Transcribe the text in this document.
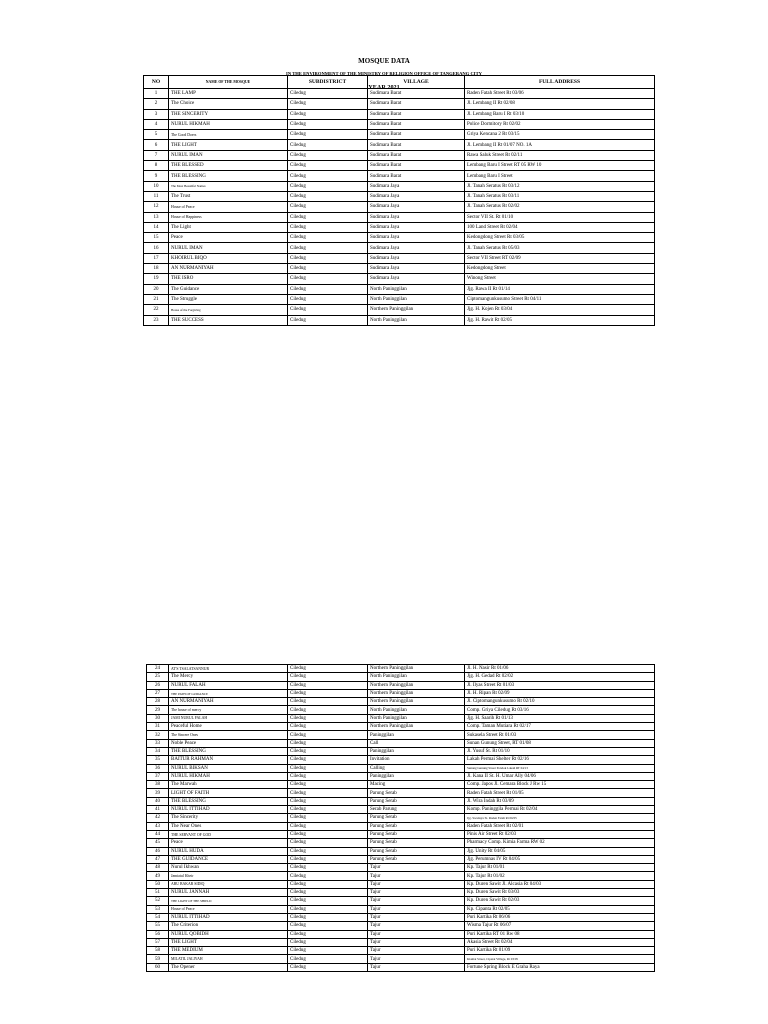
MOSQUE DATA
IN THE ENVIRONMENT OF THE MINISTRY OF RELIGION OFFICE OF TANGERANG CITY
YEAR 2021
NO	NAME OF THE MOSQUE	SUBDISTRICT	VILLAGE	FULL ADDRESS
1	THE LAMP	Ciledug	Sudimara Barat	Raden Fatah Street Rt 03/06
2	The Choice	Ciledug	Sudimara Barat	Jl. Lembang II Rt 02/08
3	THE SINCERITY	Ciledug	Sudimara Barat	Jl. Lembang Baru I Rt 03/10
4	NURUL HIKMAH	Ciledug	Sudimara Barat	Police Dormitory Rt 02/02
5	The Good Doers	Ciledug	Sudimara Barat	Griya Kencana 2 Rt 03/15
6	THE LIGHT	Ciledug	Sudimara Barat	Jl. Lembang II Rt 01/07 NO. 1A
7	NURUL IMAN	Ciledug	Sudimara Barat	Rawa Saluk Street Rt 02/11
8	THE BLESSED	Ciledug	Sudimara Barat	Lembang Baru I Street RT 05 RW 10
9	THE BLESSING	Ciledug	Sudimara Barat	Lembang Baru I Street
10	The Most Beautiful Names	Ciledug	Sudimara Jaya	Jl. Tanah Seratus Rt 03/12
11	The Trust	Ciledug	Sudimara Jaya	Jl. Tanah Seratus Rt 03/11
12	House of Peace	Ciledug	Sudimara Jaya	Jl. Tanah Seratus Rt 02/02
13	House of Happiness	Ciledug	Sudimara Jaya	Sector VII St. Rt 01/10
14	The Light	Ciledug	Sudimara Jaya	100 Land Street Rt 02/04
15	Peace	Ciledug	Sudimara Jaya	Kedongdong Street Rt 03/05
16	NURUL IMAN	Ciledug	Sudimara Jaya	Jl. Tanah Seratus Rt 05/03
17	KHOIRUL BIQO	Ciledug	Sudimara Jaya	Sector VII Street RT 02/09
18	AN NURMANIYAH	Ciledug	Sudimara Jaya	Kedongdong Street
19	THE ISRO	Ciledug	Sudimara Jaya	Winong Street
20	The Guidance	Ciledug	North Paninggilan	Jjg. Rawa II Rt 01/14
21	The Struggle	Ciledug	North Paninggilan	Ciptomangunkusumo Street Rt 04/11
22	House of the Forgiving	Ciledug	Northern Paninggilan	Jjg. H. Kojen Rt 03/04
23	THE SUCCESS	Ciledug	North Paninggilan	Jjg. H. Rawit Rt 02/05
24	AT'S TSALATSANNUR	Ciledug	Northern Paninggilan	Jl. H. Nasir Rt 01/06
25	The Mercy	Ciledug	North Paninggilan	Jjg. H. Gedad Rt 02/02
26	NURUL FALAH	Ciledug	Northern Paninggilan	Jl. Ilyas Street Rt 01/03
27	THE PATH OF GUIDANCE	Ciledug	Northern Paninggilan	Jl. H. Ripan Rt 02/09
28	AN NURMANIYAH	Ciledug	Northern Paninggilan	Jl. Ciptomangunkusumo Rt 02/10
29	The house of mercy	Ciledug	North Paninggilan	Comp. Griya Ciledug Rt 03/16
30	JAMI NURUL FALAH	Ciledug	North Paninggilan	Jjg. H. Saarih Rt 01/13
31	Peaceful Home	Ciledug	Northern Paninggilan	Comp. Taman Mutiara Rt 02/17
32	The Sincere Ones	Ciledug	Paninggilan	Sukasela Street Rt 01/03
33	Noble Peace	Ciledug	Call	Sunan Gunung Street, RT 01/08
34	THE BLESSING	Ciledug	Paninggilan	Jl. Yusuf St. Rt 01/10
35	BAITUR RAHMAN	Ciledug	Invitation	Lakah Permai Shelter Rt 02/16
36	NURUL BIKSAN	Ciledug	Calling	Sunang Gunung Street Pondok Lakah RT 04/13
37	NURUL HIKMAH	Ciledug	Paninggilan	Jl. Kana II St. H. Umar Ally 04/06
38	The Marwah	Ciledug	Macing	Comp. Japos Jl. Cemara Block J Rw 15
39	LIGHT OF FAITH	Ciledug	Parung Serab	Raden Fatah Street Rt 01/05
40	THE BLESSING	Ciledug	Parung Serab	Jl. Wira Indah Rt 03/09
41	NURUL ITTIHAD	Ciledug	Serab Parung	Komp. Paninggila Permai Rt 02/04
42	The Sincerity	Ciledug	Parung Serab	Jjg. Swadaya St. Raden Fatah Rt 06/05
43	The Near Ones	Ciledug	Parung Serab	Raden Fatah Street Rt 02/01
44	THE SERVANT OF GOD	Ciledug	Parung Serab	Pinis Air Street Rt 02/03
45	Peace	Ciledug	Parung Serab	Pharmacy Comp. Kimia Farma RW 02
46	NURUL HUDA	Ciledug	Parung Serab	Jjg. Unity Rt 04/05
47	THE GUIDANCE	Ciledug	Parung Serab	Jjg. Perumnas IV Rt 04/05
48	Nurul Ikhwan	Ciledug	Tajur	Kp. Tajur Rt 01/01
49	Jamiatul Kheir	Ciledug	Tajur	Kp. Tajur Rt 01/02
50	ABU BAKAR SIDIQ	Ciledug	Tajur	Kp. Duren Sawit Jl. Alcasia Rt 04/03
51	NURUL JANNAH	Ciledug	Tajur	Kp. Duren Sawit Rt 03/03
52	THE LIGHT OF THE SHIELD	Ciledug	Tajur	Kp. Duren Sawit Rt 02/03
53	House of Peace	Ciledug	Tajur	Kp. Cipanta Rt 02/05
54	NURUL ITTIHAD	Ciledug	Tajur	Puri Kartika Rt 06/06
55	The Criterion	Ciledug	Tajur	Wisma Tajur Rt 06/07
56	NURUL QOBIDH	Ciledug	Tajur	Puri Kartika RT 01 Rw 08
57	THE LIGHT	Ciledug	Tajur	Akasia Street Rt 02/04
58	THE MEDIUM	Ciledug	Tajur	Puri Kartika Rt 01/09
59	MILATIL JALIYAH	Ciledug	Tajur	Kiamat Street, Cipatat Village, Rt 03/05
60	The Opener	Ciledug	Tajur	Fortune Spring Block E Graha Raya
